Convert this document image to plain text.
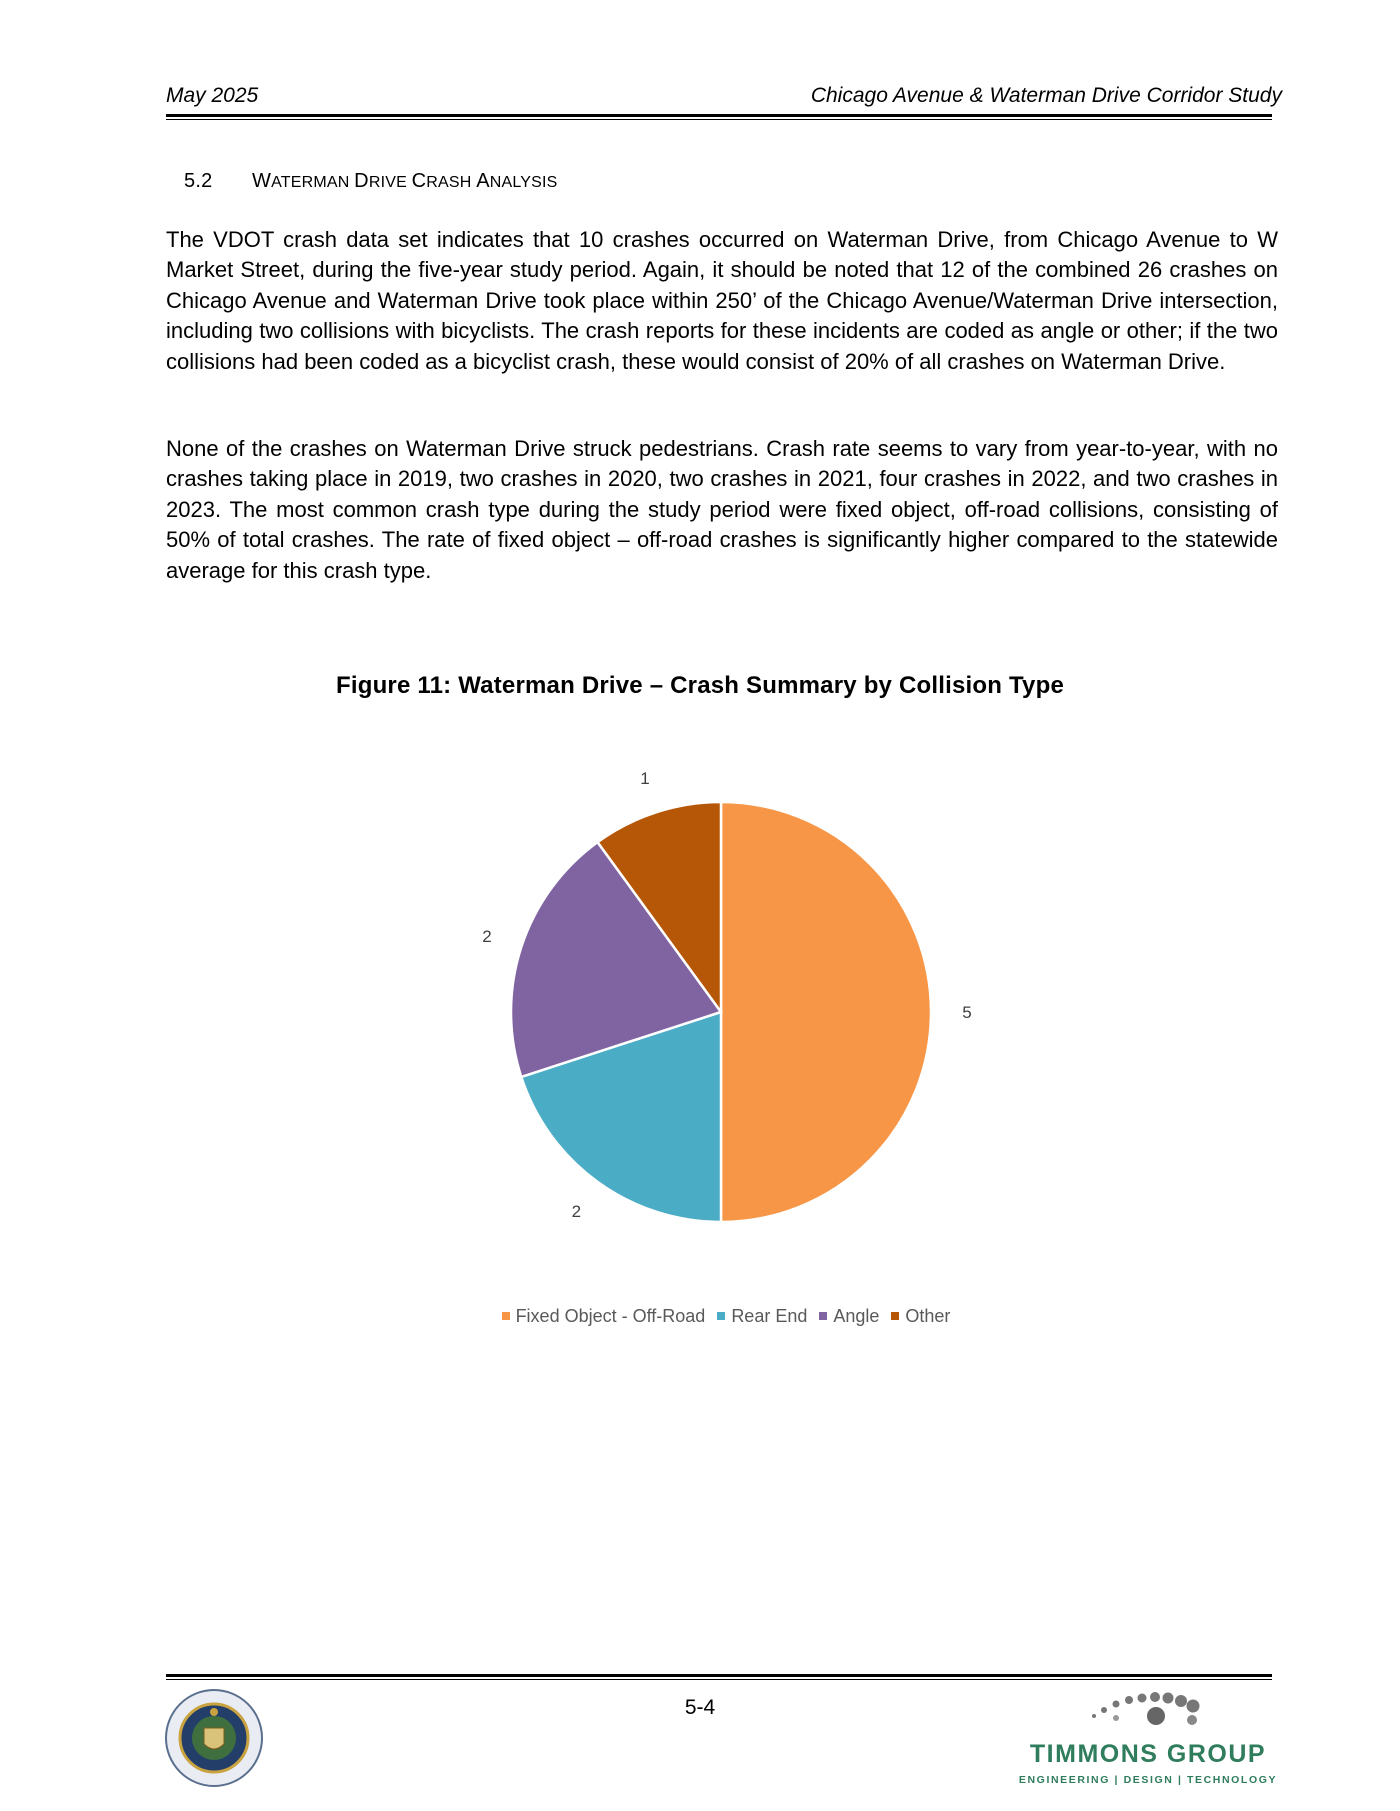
May 2025	Chicago Avenue & Waterman Drive Corridor Study
5.2 WATERMAN DRIVE CRASH ANALYSIS
The VDOT crash data set indicates that 10 crashes occurred on Waterman Drive, from Chicago Avenue to W Market Street, during the five-year study period. Again, it should be noted that 12 of the combined 26 crashes on Chicago Avenue and Waterman Drive took place within 250’ of the Chicago Avenue/Waterman Drive intersection, including two collisions with bicyclists. The crash reports for these incidents are coded as angle or other; if the two collisions had been coded as a bicyclist crash, these would consist of 20% of all crashes on Waterman Drive.
None of the crashes on Waterman Drive struck pedestrians. Crash rate seems to vary from year-to-year, with no crashes taking place in 2019, two crashes in 2020, two crashes in 2021, four crashes in 2022, and two crashes in 2023. The most common crash type during the study period were fixed object, off-road collisions, consisting of 50% of total crashes. The rate of fixed object – off-road crashes is significantly higher compared to the statewide average for this crash type.
Figure 11: Waterman Drive – Crash Summary by Collision Type
5
2
2
1
Fixed Object - Off-Road Rear End Angle Other
5-4
TIMMONS GROUP
ENGINEERING | DESIGN | TECHNOLOGY
